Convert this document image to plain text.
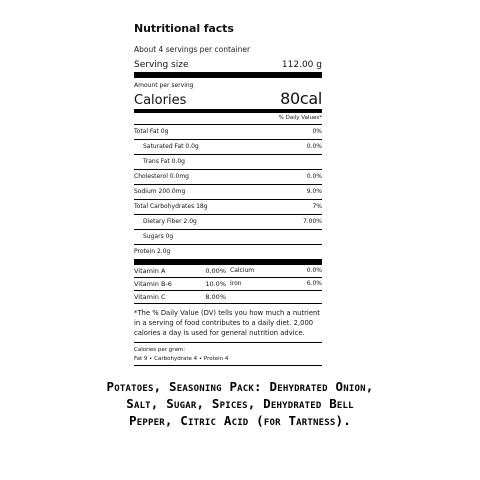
Nutritional facts
About 4 servings per container
Serving size	112.00 g
Amount per serving
Calories	80cal
% Daily Values*
Total Fat 0g	0%
Saturated Fat 0.0g	0.0%
Trans Fat 0.0g
Cholesterol 0.0mg	0.0%
Sodium 200.0mg	9.0%
Total Carbohydrates 18g	7%
Dietary Fiber 2.0g	7.00%
Sugars 0g
Protein 2.0g
Vitamin A	0.00% Calcium	0.0%
Vitamin B-6	10.0% Iron	6.0%
Vitamin C	8.00%
*The % Daily Value (DV) tells you how much a nutrient in a serving of food contributes to a daily diet. 2,000 calories a day is used for general nutrition advice.
Calories per gram:
Fat 9 • Carbohydrate 4 • Protein 4
Potatoes, Seasoning Pack: Dehydrated Onion, Salt, Sugar, Spices, Dehydrated Bell Pepper, Citric Acid (for Tartness).
